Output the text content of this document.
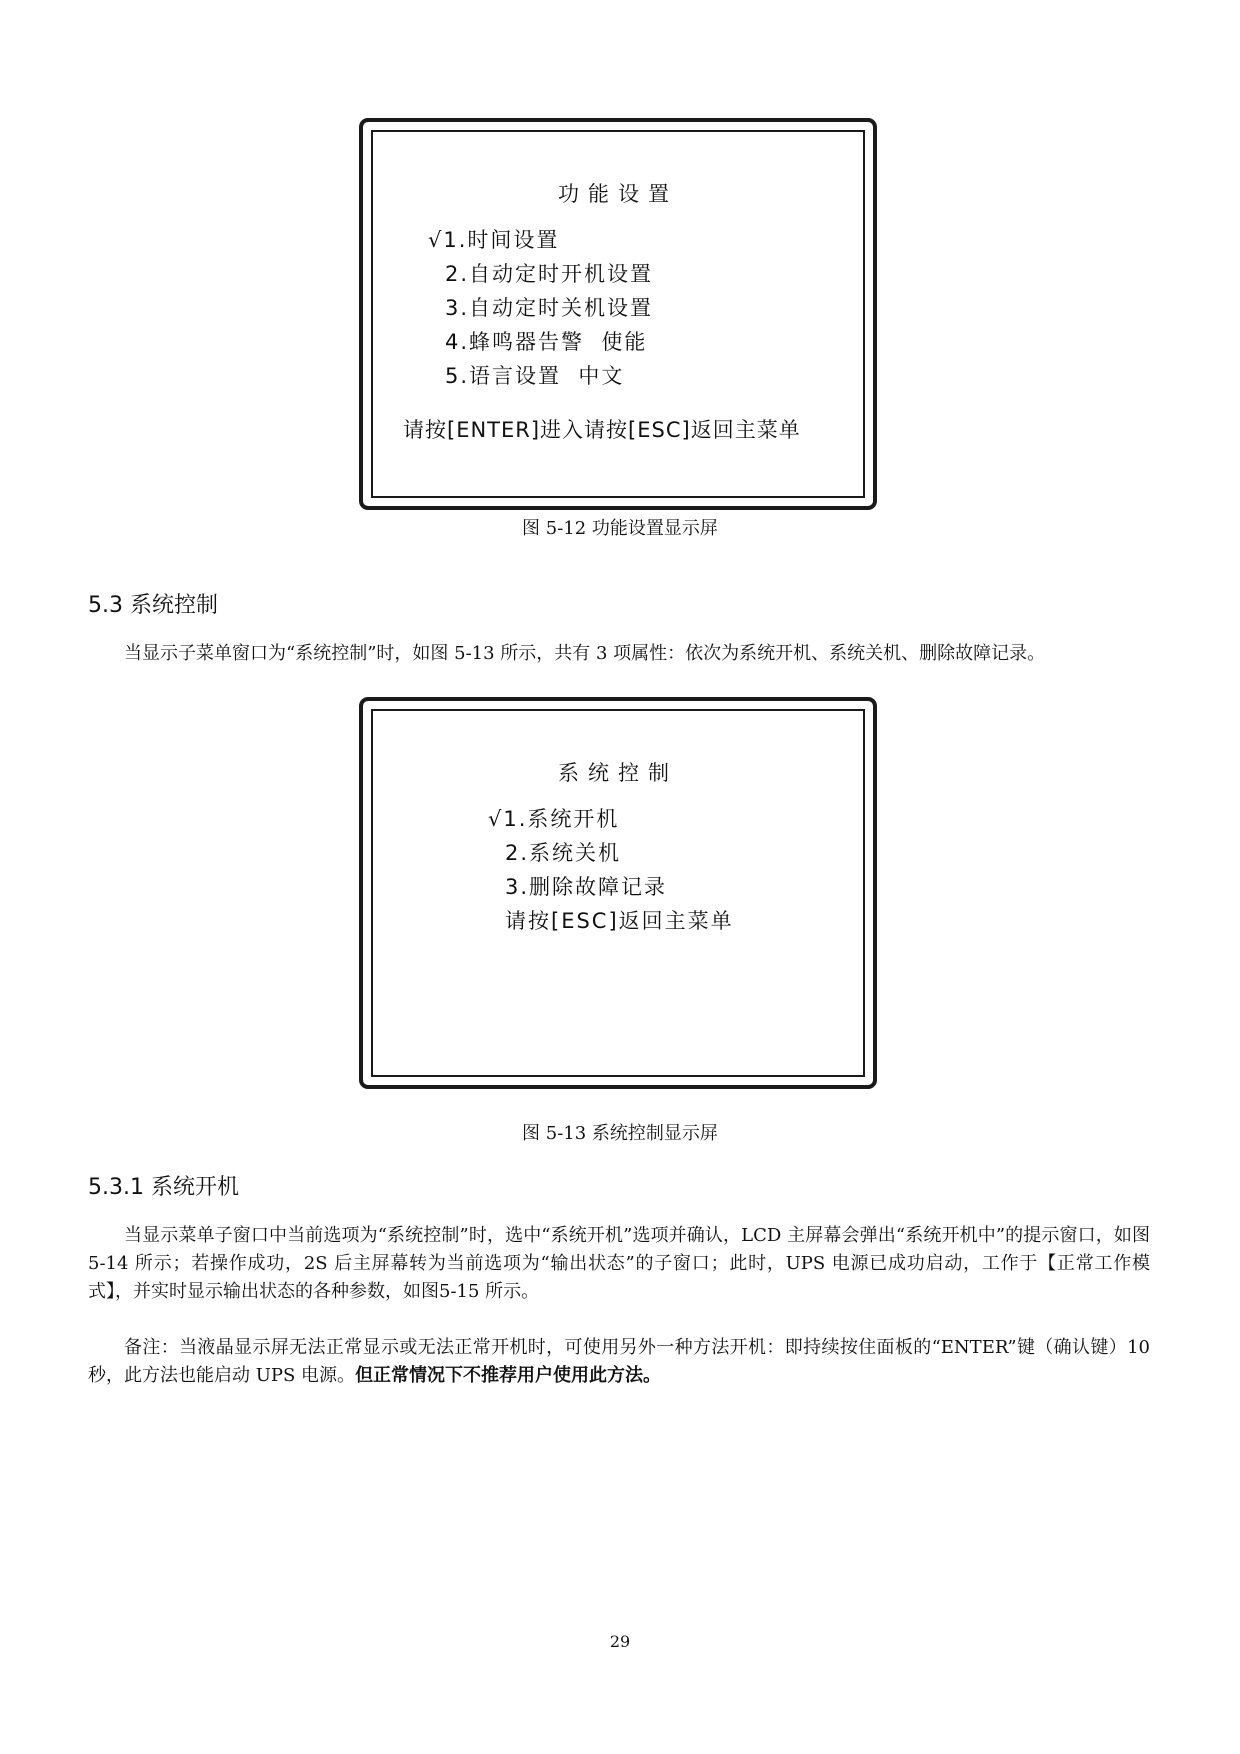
功能设置

√1.时间设置

2.自动定时开机设置

3.自动定时关机设置

4.蜂鸣器告警  使能

5.语言设置  中文

请按[ENTER]进入请按[ESC]返回主菜单

图 5-12 功能设置显示屏

5.3 系统控制

当显示子菜单窗口为“系统控制”时，如图 5-13 所示，共有 3 项属性：依次为系统开机、系统关机、删除故障记录。

系统控制

√1.系统开机

2.系统关机

3.删除故障记录

请按[ESC]返回主菜单

图 5-13 系统控制显示屏

5.3.1 系统开机

当显示菜单子窗口中当前选项为“系统控制”时，选中“系统开机”选项并确认，LCD 主屏幕会弹出“系统开机中”的提示窗口，如图 5-14 所示；若操作成功，2S 后主屏幕转为当前选项为“输出状态”的子窗口；此时，UPS 电源已成功启动，工作于【正常工作模式】，并实时显示输出状态的各种参数，如图5-15 所示。

备注：当液晶显示屏无法正常显示或无法正常开机时，可使用另外一种方法开机：即持续按住面板的“ENTER”键（确认键）10 秒，此方法也能启动 UPS 电源。但正常情况下不推荐用户使用此方法。

29
